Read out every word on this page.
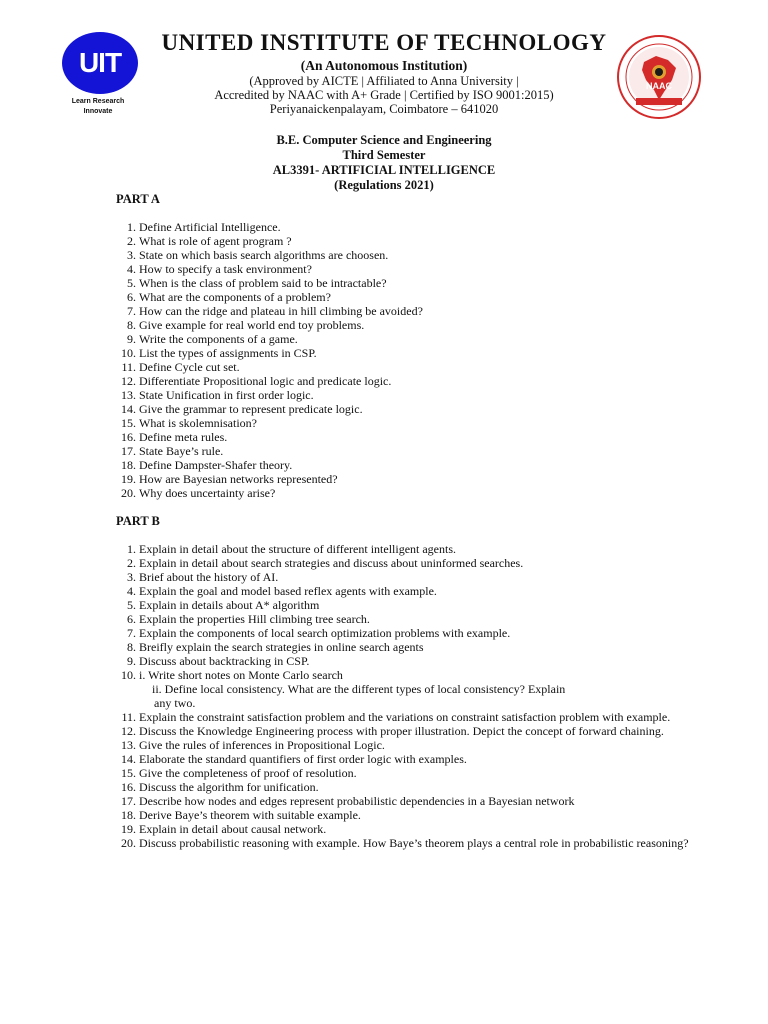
UIT
Learn Research
Innovate
UNITED INSTITUTE OF TECHNOLOGY
(An Autonomous Institution)
(Approved by AICTE | Affiliated to Anna University |
Accredited by NAAC with A+ Grade | Certified by ISO 9001:2015)
Periyanaickenpalayam, Coimbatore – 641020
NAAC
B.E. Computer Science and Engineering
Third Semester
AL3391- ARTIFICIAL INTELLIGENCE
(Regulations 2021)
PART A
1. Define Artificial Intelligence.
2. What is role of agent program ?
3. State on which basis search algorithms are choosen.
4. How to specify a task environment?
5. When is the class of problem said to be intractable?
6. What are the components of a problem?
7. How can the ridge and plateau in hill climbing be avoided?
8. Give example for real world end toy problems.
9. Write the components of a game.
10. List the types of assignments in CSP.
11. Define Cycle cut set.
12. Differentiate Propositional logic and predicate logic.
13. State Unification in first order logic.
14. Give the grammar to represent predicate logic.
15. What is skolemnisation?
16. Define meta rules.
17. State Baye’s rule.
18. Define Dampster-Shafer theory.
19. How are Bayesian networks represented?
20. Why does uncertainty arise?
PART B
1. Explain in detail about the structure of different intelligent agents.
2. Explain in detail about search strategies and discuss about uninformed searches.
3. Brief about the history of AI.
4. Explain the goal and model based reflex agents with example.
5. Explain in details about A* algorithm
6. Explain the properties Hill climbing tree search.
7. Explain the components of local search optimization problems with example.
8. Breifly explain the search strategies in online search agents
9. Discuss about backtracking in CSP.
10. i. Write short notes on Monte Carlo search
ii. Define local consistency. What are the different types of local consistency? Explain
any two.
11. Explain the constraint satisfaction problem and the variations on constraint satisfaction problem with example.
12. Discuss the Knowledge Engineering process with proper illustration. Depict the concept of forward chaining.
13. Give the rules of inferences in Propositional Logic.
14. Elaborate the standard quantifiers of first order logic with examples.
15. Give the completeness of proof of resolution.
16. Discuss the algorithm for unification.
17. Describe how nodes and edges represent probabilistic dependencies in a Bayesian network
18. Derive Baye’s theorem with suitable example.
19. Explain in detail about causal network.
20. Discuss probabilistic reasoning with example. How Baye’s theorem plays a central role in probabilistic reasoning?
